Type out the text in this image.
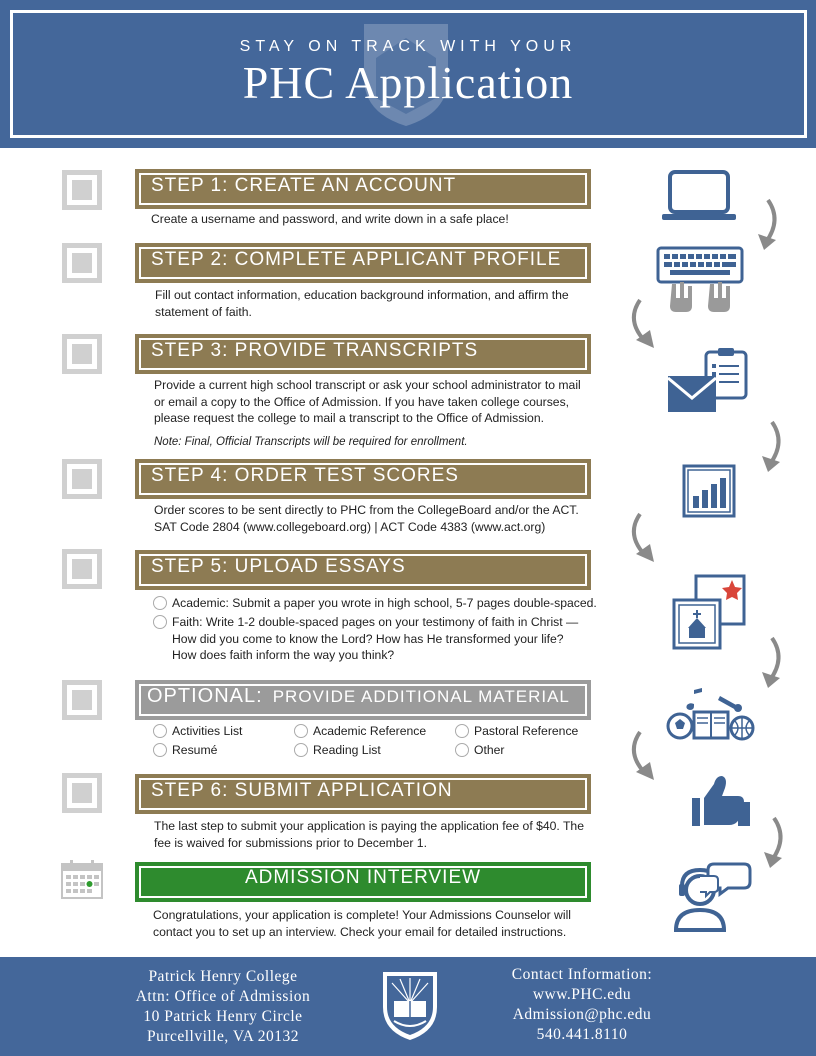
STAY ON TRACK WITH YOUR
PHC Application
STEP 1: CREATE AN ACCOUNT
Create a username and password, and write down in a safe place!
STEP 2: COMPLETE APPLICANT PROFILE
Fill out contact information, education background information, and affirm the
statement of faith.
STEP 3: PROVIDE TRANSCRIPTS
Provide a current high school transcript or ask your school administrator to mail
or email a copy to the Office of Admission. If you have taken college courses,
please request the college to mail a transcript to the Office of Admission.
Note: Final, Official Transcripts will be required for enrollment.
STEP 4: ORDER TEST SCORES
Order scores to be sent directly to PHC from the CollegeBoard and/or the ACT.
SAT Code 2804 (www.collegeboard.org) | ACT Code 4383 (www.act.org)
STEP 5: UPLOAD ESSAYS
Academic: Submit a paper you wrote in high school, 5-7 pages double-spaced.
Faith: Write 1-2 double-spaced pages on your testimony of faith in Christ —
How did you come to know the Lord? How has He transformed your life?
How does faith inform the way you think?
OPTIONAL: PROVIDE ADDITIONAL MATERIAL
Activities List	Academic Reference	Pastoral Reference
Resumé	Reading List	Other
STEP 6: SUBMIT APPLICATION
The last step to submit your application is paying the application fee of $40. The
fee is waived for submissions prior to December 1.
ADMISSION INTERVIEW
Congratulations, your application is complete! Your Admissions Counselor will
contact you to set up an interview. Check your email for detailed instructions.
Patrick Henry College
Attn: Office of Admission
10 Patrick Henry Circle
Purcellville, VA 20132
Contact Information:
www.PHC.edu
Admission@phc.edu
540.441.8110
